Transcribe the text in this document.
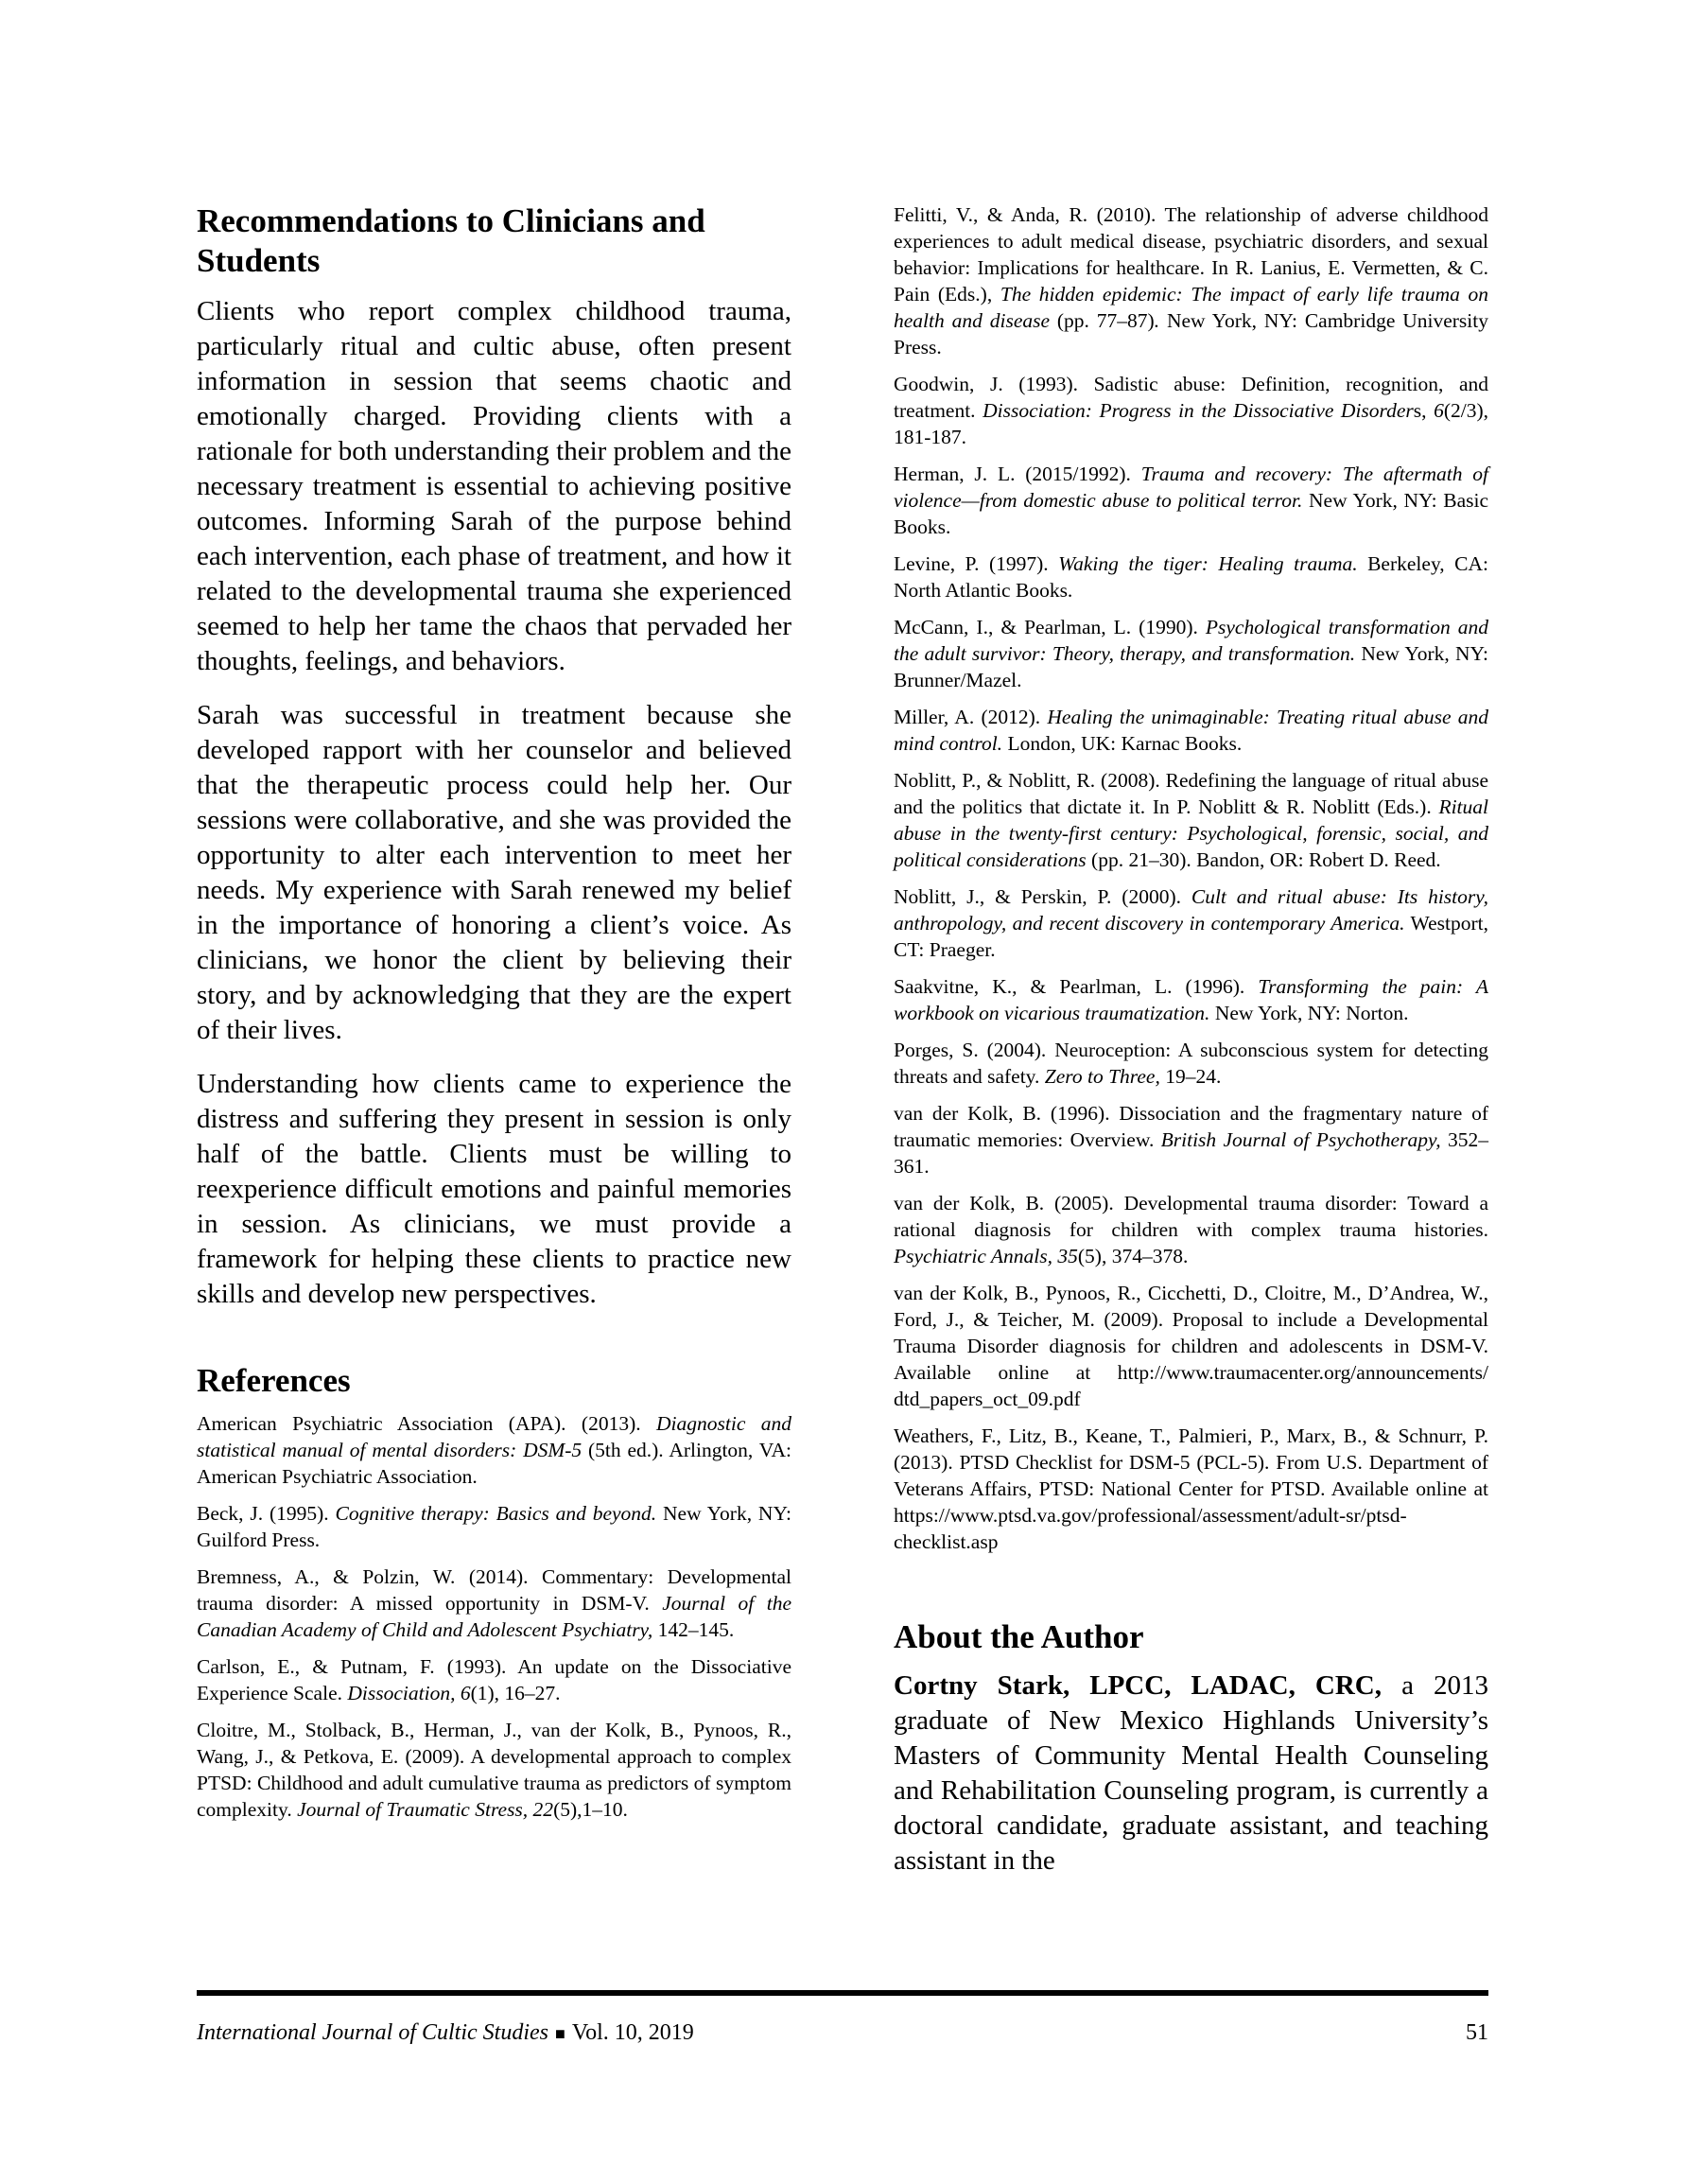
Recommendations to Clinicians and Students

Clients who report complex childhood trauma, particularly ritual and cultic abuse, often present information in session that seems chaotic and emotionally charged. Providing clients with a rationale for both understanding their problem and the necessary treatment is essential to achieving positive outcomes. Informing Sarah of the purpose behind each intervention, each phase of treatment, and how it related to the developmental trauma she experienced seemed to help her tame the chaos that pervaded her thoughts, feelings, and behaviors.

Sarah was successful in treatment because she developed rapport with her counselor and believed that the therapeutic process could help her. Our sessions were collaborative, and she was provided the opportunity to alter each intervention to meet her needs. My experience with Sarah renewed my belief in the importance of honoring a client’s voice. As clinicians, we honor the client by believing their story, and by acknowledging that they are the expert of their lives.

Understanding how clients came to experience the distress and suffering they present in session is only half of the battle. Clients must be willing to reexperience difficult emotions and painful memories in session. As clinicians, we must provide a framework for helping these clients to practice new skills and develop new perspectives.

References

American Psychiatric Association (APA). (2013). Diagnostic and statistical manual of mental disorders: DSM-5 (5th ed.). Arlington, VA: American Psychiatric Association.

Beck, J. (1995). Cognitive therapy: Basics and beyond. New York, NY: Guilford Press.

Bremness, A., & Polzin, W. (2014). Commentary: Developmental trauma disorder: A missed opportunity in DSM-V. Journal of the Canadian Academy of Child and Adolescent Psychiatry, 142–145.

Carlson, E., & Putnam, F. (1993). An update on the Dissociative Experience Scale. Dissociation, 6(1), 16–27.

Cloitre, M., Stolback, B., Herman, J., van der Kolk, B., Pynoos, R., Wang, J., & Petkova, E. (2009). A developmental approach to complex PTSD: Childhood and adult cumulative trauma as predictors of symptom complexity. Journal of Traumatic Stress, 22(5),1–10.

Felitti, V., & Anda, R. (2010). The relationship of adverse childhood experiences to adult medical disease, psychiatric disorders, and sexual behavior: Implications for healthcare. In R. Lanius, E. Vermetten, & C. Pain (Eds.), The hidden epidemic: The impact of early life trauma on health and disease (pp. 77–87). New York, NY: Cambridge University Press.

Goodwin, J. (1993). Sadistic abuse: Definition, recognition, and treatment. Dissociation: Progress in the Dissociative Disorders, 6(2/3), 181-187.

Herman, J. L. (2015/1992). Trauma and recovery: The aftermath of violence—from domestic abuse to political terror. New York, NY: Basic Books.

Levine, P. (1997). Waking the tiger: Healing trauma. Berkeley, CA: North Atlantic Books.

McCann, I., & Pearlman, L. (1990). Psychological transformation and the adult survivor: Theory, therapy, and transformation. New York, NY: Brunner/Mazel.

Miller, A. (2012). Healing the unimaginable: Treating ritual abuse and mind control. London, UK: Karnac Books.

Noblitt, P., & Noblitt, R. (2008). Redefining the language of ritual abuse and the politics that dictate it. In P. Noblitt & R. Noblitt (Eds.). Ritual abuse in the twenty-first century: Psychological, forensic, social, and political considerations (pp. 21–30). Bandon, OR: Robert D. Reed.

Noblitt, J., & Perskin, P. (2000). Cult and ritual abuse: Its history, anthropology, and recent discovery in contemporary America. Westport, CT: Praeger.

Saakvitne, K., & Pearlman, L. (1996). Transforming the pain: A workbook on vicarious traumatization. New York, NY: Norton.

Porges, S. (2004). Neuroception: A subconscious system for detecting threats and safety. Zero to Three, 19–24.

van der Kolk, B. (1996). Dissociation and the fragmentary nature of traumatic memories: Overview. British Journal of Psychotherapy, 352–361.

van der Kolk, B. (2005). Developmental trauma disorder: Toward a rational diagnosis for children with complex trauma histories. Psychiatric Annals, 35(5), 374–378.

van der Kolk, B., Pynoos, R., Cicchetti, D., Cloitre, M., D’Andrea, W., Ford, J., & Teicher, M. (2009). Proposal to include a Developmental Trauma Disorder diagnosis for children and adolescents in DSM-V. Available online at http://www.traumacenter.org/announcements/​dtd_papers_oct_09.pdf

Weathers, F., Litz, B., Keane, T., Palmieri, P., Marx, B., & Schnurr, P. (2013). PTSD Checklist for DSM-5 (PCL-5). From U.S. Department of Veterans Affairs, PTSD: National Center for PTSD. Available online at https://www.ptsd.va.gov/professional/​assessment/adult-sr/ptsd-checklist.asp

About the Author

Cortny Stark, LPCC, LADAC, CRC, a 2013 graduate of New Mexico Highlands University’s Masters of Community Mental Health Counseling and Rehabilitation Counseling program, is currently a doctoral candidate, graduate assistant, and teaching assistant in the

International Journal of Cultic Studies ■ Vol. 10, 2019	51
